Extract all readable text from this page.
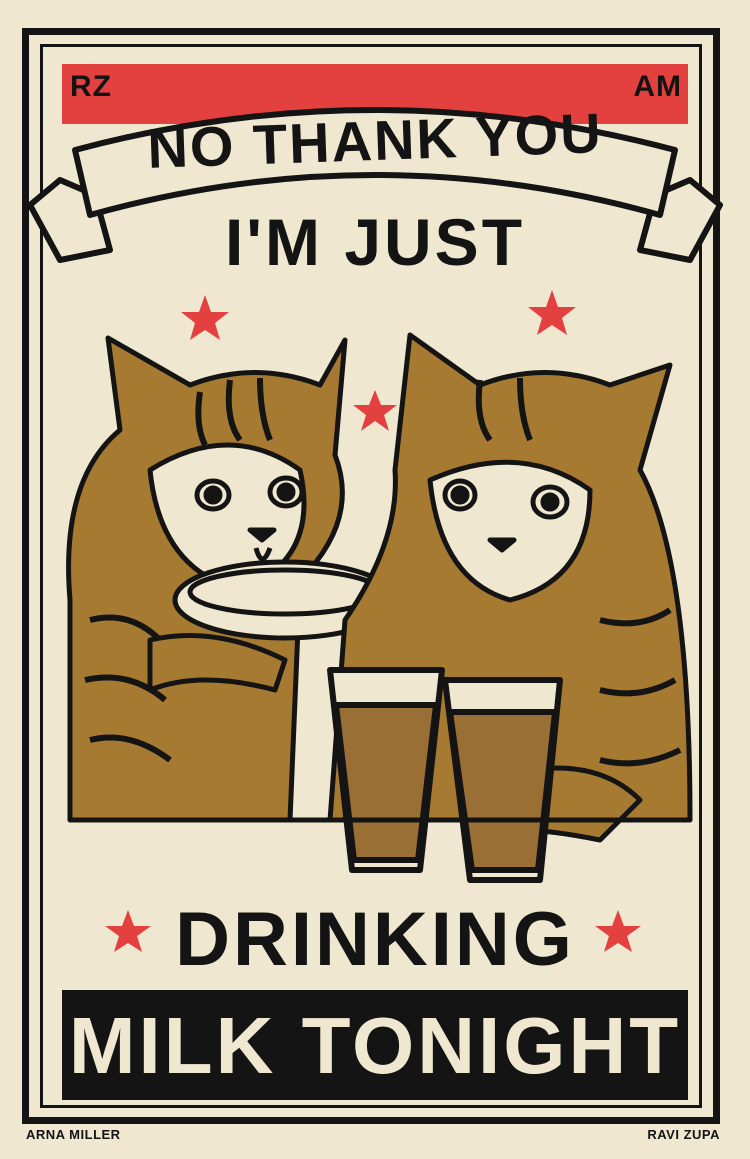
RZ	AM
NO THANK YOU
I'M JUST
DRINKING
MILK TONIGHT
ARNA MILLER	RAVI ZUPA
